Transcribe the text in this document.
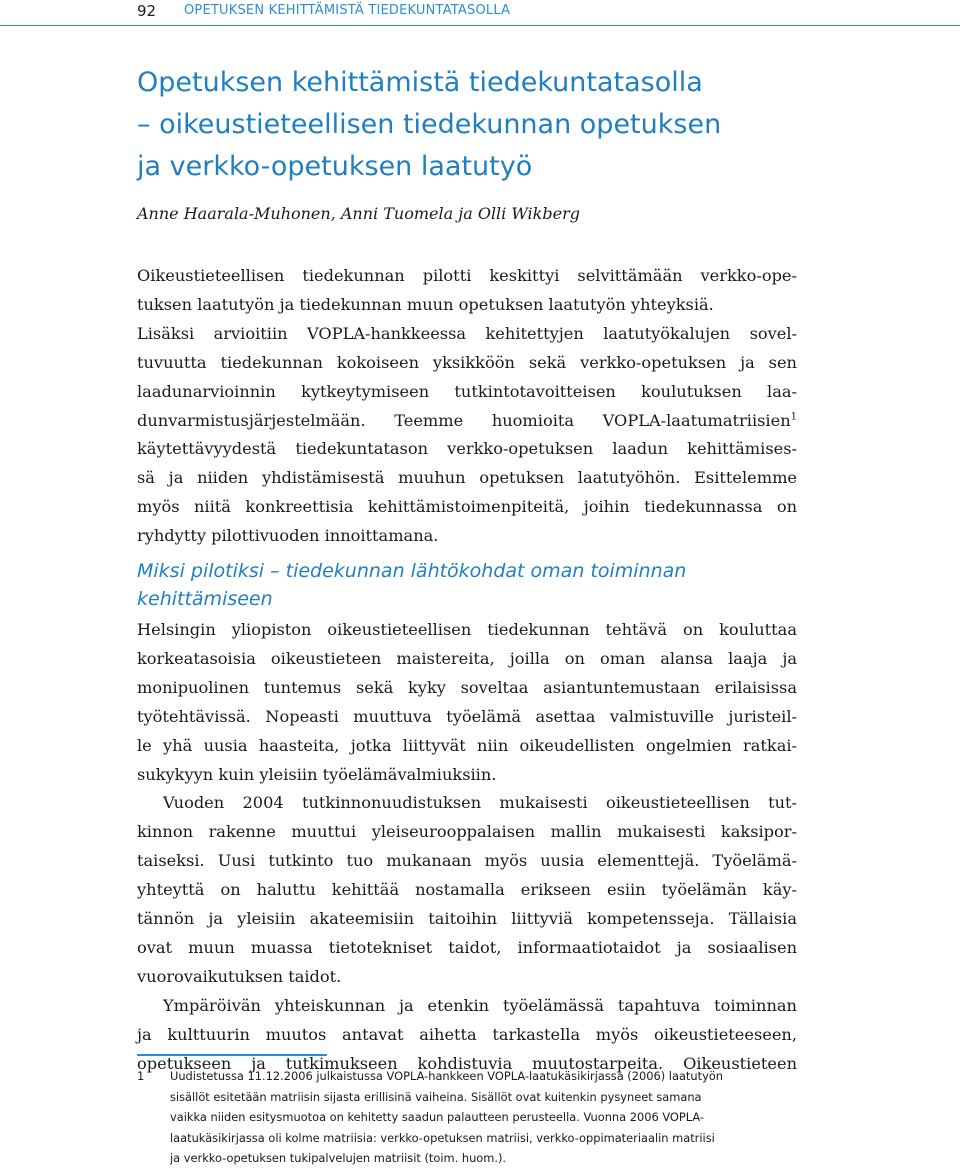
92 OPETUKSEN KEHITTÄMISTÄ TIEDEKUNTATASOLLA
Opetuksen kehittämistä tiedekuntatasolla
– oikeustieteellisen tiedekunnan opetuksen
ja verkko-opetuksen laatutyö

Anne Haarala-Muhonen, Anni Tuomela ja Olli Wikberg

Oikeustieteellisen tiedekunnan pilotti keskittyi selvittämään verkko-ope-
tuksen laatutyön ja tiedekunnan muun opetuksen laatutyön yhteyksiä.
Lisäksi arvioitiin VOPLA-hankkeessa kehitettyjen laatutyökalujen sovel-
tuvuutta tiedekunnan kokoiseen yksikköön sekä verkko-opetuksen ja sen
laadunarvioinnin kytkeytymiseen tutkintotavoitteisen koulutuksen laa-
dunvarmistusjärjestelmään. Teemme huomioita VOPLA-laatumatriisien$^1$
käytettävyydestä tiedekuntatason verkko-opetuksen laadun kehittämises-
sä ja niiden yhdistämisestä muuhun opetuksen laatutyöhön. Esittelemme
myös niitä konkreettisia kehittämistoimenpiteitä, joihin tiedekunnassa on
ryhdytty pilottivuoden innoittamana.
Miksi pilotiksi – tiedekunnan lähtökohdat oman toiminnan
kehittämiseen
Helsingin yliopiston oikeustieteellisen tiedekunnan tehtävä on kouluttaa
korkeatasoisia oikeustieteen maistereita, joilla on oman alansa laaja ja
monipuolinen tuntemus sekä kyky soveltaa asiantuntemustaan erilaisissa
työtehtävissä. Nopeasti muuttuva työelämä asettaa valmistuville juristeil-
le yhä uusia haasteita, jotka liittyvät niin oikeudellisten ongelmien ratkai-
sukykyyn kuin yleisiin työelämävalmiuksiin.
Vuoden 2004 tutkinnonuudistuksen mukaisesti oikeustieteellisen tut-
kinnon rakenne muuttui yleiseurooppalaisen mallin mukaisesti kaksipor-
taiseksi. Uusi tutkinto tuo mukanaan myös uusia elementtejä. Työelämä-
yhteyttä on haluttu kehittää nostamalla erikseen esiin työelämän käy-
tännön ja yleisiin akateemisiin taitoihin liittyviä kompetensseja. Tällaisia
ovat muun muassa tietotekniset taidot, informaatiotaidot ja sosiaalisen
vuorovaikutuksen taidot.
Ympäröivän yhteiskunnan ja etenkin työelämässä tapahtuva toiminnan
ja kulttuurin muutos antavat aihetta tarkastella myös oikeustieteeseen,
opetukseen ja tutkimukseen kohdistuvia muutostarpeita. Oikeustieteen
1 Uudistetussa 11.12.2006 julkaistussa VOPLA-hankkeen VOPLA-laatukäsikirjassa (2006) laatutyön
sisällöt esitetään matriisin sijasta erillisinä vaiheina. Sisällöt ovat kuitenkin pysyneet samana
vaikka niiden esitysmuotoa on kehitetty saadun palautteen perusteella. Vuonna 2006 VOPLA-
laatukäsikirjassa oli kolme matriisia: verkko-opetuksen matriisi, verkko-oppimateriaalin matriisi
ja verkko-opetuksen tukipalvelujen matriisit (toim. huom.).
